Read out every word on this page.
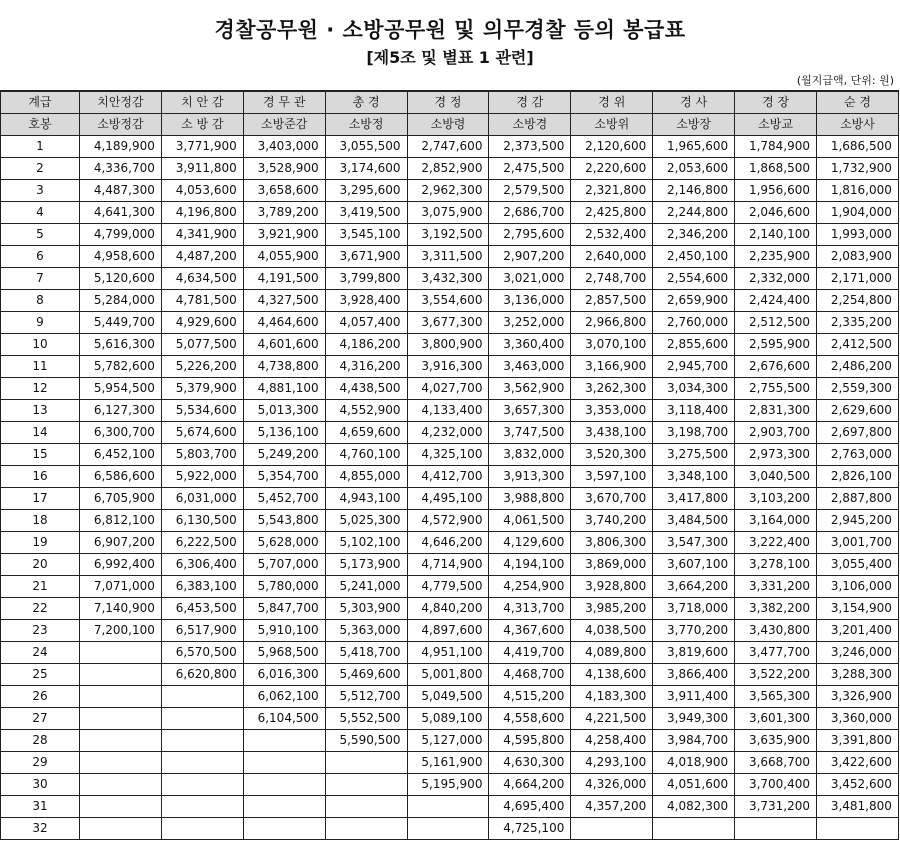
경찰공무원 · 소방공무원 및 의무경찰 등의 봉급표
[제5조 및 별표 1 관련]
(월지급액, 단위: 원)
계급	치안정감	치 안 감	경 무 관	총 경	경 정	경 감	경 위	경 사	경 장	순 경
호봉	소방정감	소 방 감	소방준감	소방정	소방령	소방경	소방위	소방장	소방교	소방사
1	4,189,900	3,771,900	3,403,000	3,055,500	2,747,600	2,373,500	2,120,600	1,965,600	1,784,900	1,686,500
2	4,336,700	3,911,800	3,528,900	3,174,600	2,852,900	2,475,500	2,220,600	2,053,600	1,868,500	1,732,900
3	4,487,300	4,053,600	3,658,600	3,295,600	2,962,300	2,579,500	2,321,800	2,146,800	1,956,600	1,816,000
4	4,641,300	4,196,800	3,789,200	3,419,500	3,075,900	2,686,700	2,425,800	2,244,800	2,046,600	1,904,000
5	4,799,000	4,341,900	3,921,900	3,545,100	3,192,500	2,795,600	2,532,400	2,346,200	2,140,100	1,993,000
6	4,958,600	4,487,200	4,055,900	3,671,900	3,311,500	2,907,200	2,640,000	2,450,100	2,235,900	2,083,900
7	5,120,600	4,634,500	4,191,500	3,799,800	3,432,300	3,021,000	2,748,700	2,554,600	2,332,000	2,171,000
8	5,284,000	4,781,500	4,327,500	3,928,400	3,554,600	3,136,000	2,857,500	2,659,900	2,424,400	2,254,800
9	5,449,700	4,929,600	4,464,600	4,057,400	3,677,300	3,252,000	2,966,800	2,760,000	2,512,500	2,335,200
10	5,616,300	5,077,500	4,601,600	4,186,200	3,800,900	3,360,400	3,070,100	2,855,600	2,595,900	2,412,500
11	5,782,600	5,226,200	4,738,800	4,316,200	3,916,300	3,463,000	3,166,900	2,945,700	2,676,600	2,486,200
12	5,954,500	5,379,900	4,881,100	4,438,500	4,027,700	3,562,900	3,262,300	3,034,300	2,755,500	2,559,300
13	6,127,300	5,534,600	5,013,300	4,552,900	4,133,400	3,657,300	3,353,000	3,118,400	2,831,300	2,629,600
14	6,300,700	5,674,600	5,136,100	4,659,600	4,232,000	3,747,500	3,438,100	3,198,700	2,903,700	2,697,800
15	6,452,100	5,803,700	5,249,200	4,760,100	4,325,100	3,832,000	3,520,300	3,275,500	2,973,300	2,763,000
16	6,586,600	5,922,000	5,354,700	4,855,000	4,412,700	3,913,300	3,597,100	3,348,100	3,040,500	2,826,100
17	6,705,900	6,031,000	5,452,700	4,943,100	4,495,100	3,988,800	3,670,700	3,417,800	3,103,200	2,887,800
18	6,812,100	6,130,500	5,543,800	5,025,300	4,572,900	4,061,500	3,740,200	3,484,500	3,164,000	2,945,200
19	6,907,200	6,222,500	5,628,000	5,102,100	4,646,200	4,129,600	3,806,300	3,547,300	3,222,400	3,001,700
20	6,992,400	6,306,400	5,707,000	5,173,900	4,714,900	4,194,100	3,869,000	3,607,100	3,278,100	3,055,400
21	7,071,000	6,383,100	5,780,000	5,241,000	4,779,500	4,254,900	3,928,800	3,664,200	3,331,200	3,106,000
22	7,140,900	6,453,500	5,847,700	5,303,900	4,840,200	4,313,700	3,985,200	3,718,000	3,382,200	3,154,900
23	7,200,100	6,517,900	5,910,100	5,363,000	4,897,600	4,367,600	4,038,500	3,770,200	3,430,800	3,201,400
24		6,570,500	5,968,500	5,418,700	4,951,100	4,419,700	4,089,800	3,819,600	3,477,700	3,246,000
25		6,620,800	6,016,300	5,469,600	5,001,800	4,468,700	4,138,600	3,866,400	3,522,200	3,288,300
26			6,062,100	5,512,700	5,049,500	4,515,200	4,183,300	3,911,400	3,565,300	3,326,900
27			6,104,500	5,552,500	5,089,100	4,558,600	4,221,500	3,949,300	3,601,300	3,360,000
28				5,590,500	5,127,000	4,595,800	4,258,400	3,984,700	3,635,900	3,391,800
29					5,161,900	4,630,300	4,293,100	4,018,900	3,668,700	3,422,600
30					5,195,900	4,664,200	4,326,000	4,051,600	3,700,400	3,452,600
31						4,695,400	4,357,200	4,082,300	3,731,200	3,481,800
32						4,725,100				
